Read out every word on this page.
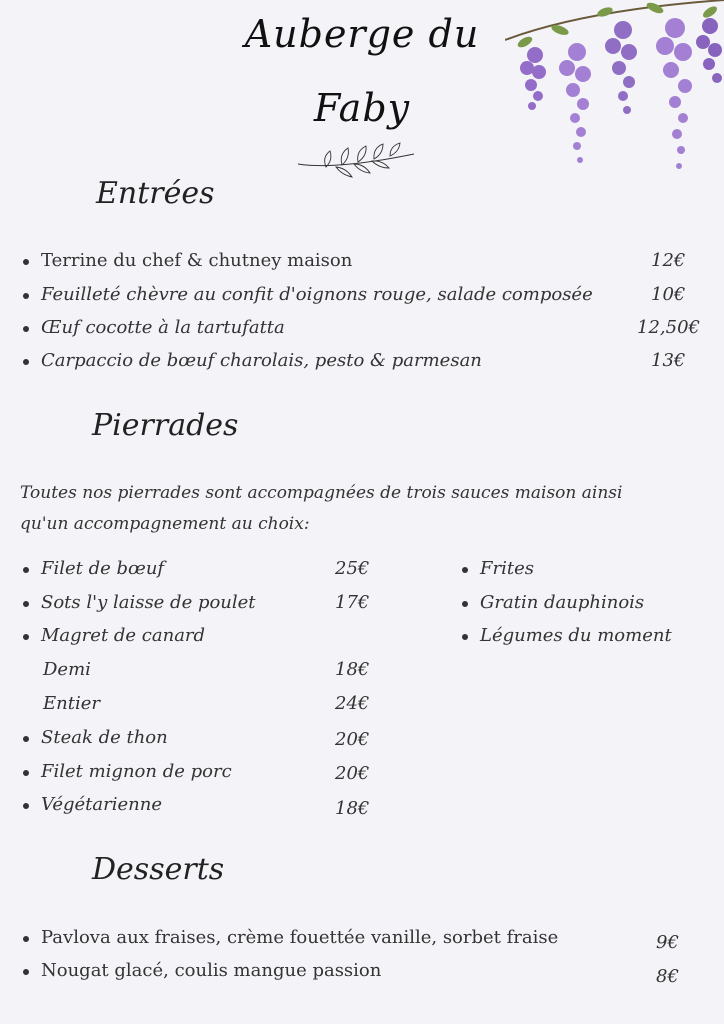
Auberge du
Faby
Entrées
Terrine du chef & chutney maison	12€
Feuilleté chèvre au confit d'oignons rouge, salade composée	10€
Œuf cocotte à la tartufatta	12,50€
Carpaccio de bœuf charolais, pesto & parmesan	13€
Pierrades
Toutes nos pierrades sont accompagnées de trois sauces maison ainsi
qu'un accompagnement au choix:
Filet de bœuf	25€
Sots l'y laisse de poulet	17€
Magret de canard
Demi	18€
Entier	24€
Steak de thon	20€
Filet mignon de porc	20€
Végétarienne	18€
Frites
Gratin dauphinois
Légumes du moment
Desserts
Pavlova aux fraises, crème fouettée vanille, sorbet fraise	9€
Nougat glacé, coulis mangue passion	8€
